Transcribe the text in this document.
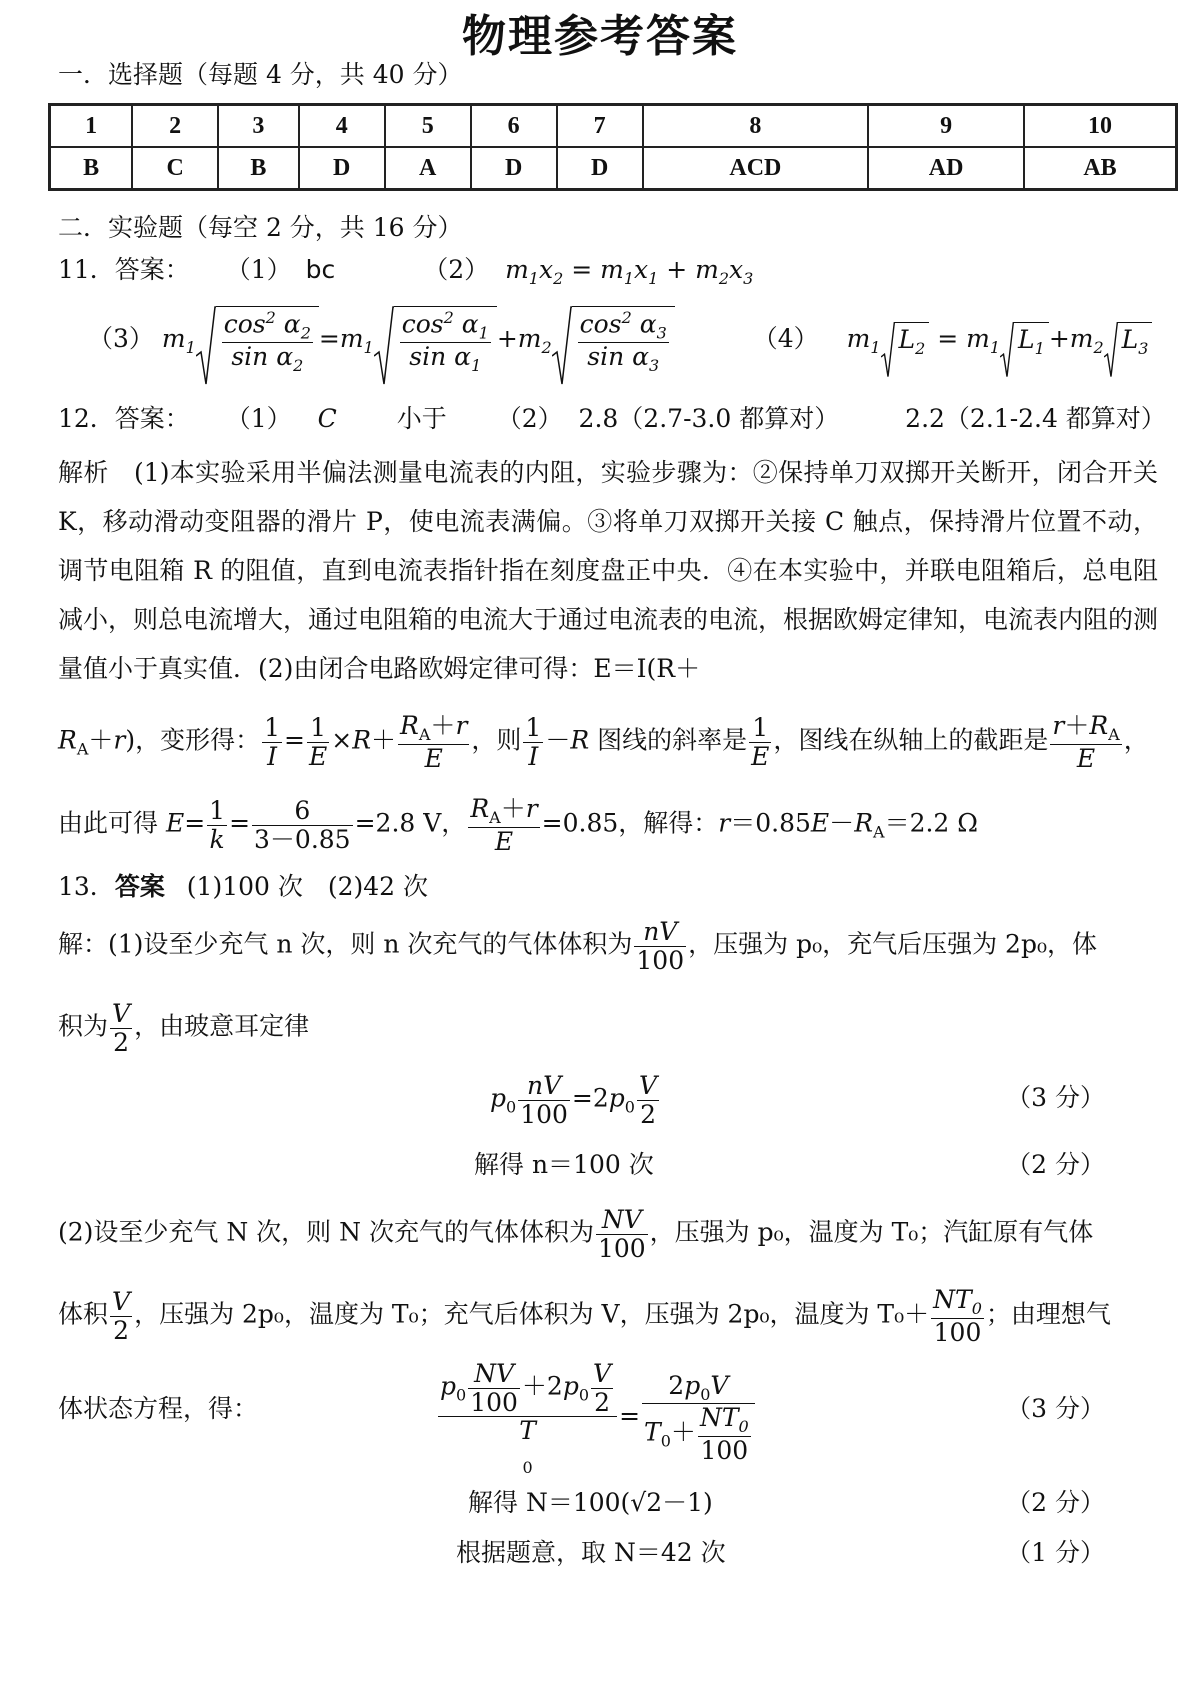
物理参考答案
一．选择题（每题 4 分，共 40 分）
1	2	3	4	5	6	7	8	9	10
B	C	B	D	A	D	D	ACD	AD	AB
二．实验题（每空 2 分，共 16 分）
11．答案： （1） bc	（2） $m_1x_2 = m_1x_1 + m_2x_3$
（3） $m_1 \frac{\cos^2 \alpha_2}{\sin \alpha_2} =m_1 \frac{\cos^2 \alpha_1}{\sin \alpha_1} +m_2 \frac{\cos^2 \alpha_3}{\sin \alpha_3}$	（4） $m_1$ $L_2 = m_1$ $L_1 +m_2$ $L_3$
12．答案： （1） C 小于 （2） 2.8（2.7-3.0 都算对）	2.2（2.1-2.4 都算对）
解析　(1)本实验采用半偏法测量电流表的内阻，实验步骤为：②保持单刀双掷开关断开，闭合开关 K，移动滑动变阻器的滑片 P，使电流表满偏。③将单刀双掷开关接 C 触点，保持滑片位置不动，调节电阻箱 R 的阻值，直到电流表指针指在刻度盘正中央．④在本实验中，并联电阻箱后，总电阻减小，则总电流增大，通过电阻箱的电流大于通过电流表的电流，根据欧姆定律知，电流表内阻的测量值小于真实值．(2)由闭合电路欧姆定律可得：E＝I(R＋
$R_A+r$)，变形得： $\frac{1}{I} = \frac{1}{E} \times R+ \frac{R_A+r}{E}$ ，则 $\frac{1}{I} -R$ 图线的斜率是 $\frac{1}{E}$ ，图线在纵轴上的截距是 $\frac{r+R_A}{E}$ ，
由此可得 $E= \frac{1}{k} = \frac{6}{3-0.85} =2.8$ V， $\frac{R_A+r}{E} =0.85$，解得：$r=0.85E-R_A=2.2$ Ω
13．答案 (1)100 次　(2)42 次
解：(1)设至少充气 n 次，则 n 次充气的气体体积为 $\frac{nV}{100}$ ，压强为 p₀，充气后压强为 2p₀，体
积为 $\frac{V}{2}$ ，由玻意耳定律
$p_0 \frac{nV}{100} =2p_0 \frac{V}{2}$	（3 分）
解得 n＝100 次	（2 分）
(2)设至少充气 N 次，则 N 次充气的气体体积为 $\frac{NV}{100}$ ，压强为 p₀，温度为 T₀；汽缸原有气体
体积 $\frac{V}{2}$ ，压强为 2p₀，温度为 T₀；充气后体积为 V，压强为 2p₀，温度为 $T_0+ \frac{NT_0}{100}$ ；由理想气
体状态方程，得：
$p_0 \frac{NV}{100} +2p_0 \frac{V}{2}$
T
$_0= \frac{2p_0V}{T_0+ \frac{NT_0}{100}}$	（3 分）
解得 N＝100(√2－1)	（2 分）
根据题意，取 N＝42 次	（1 分）
